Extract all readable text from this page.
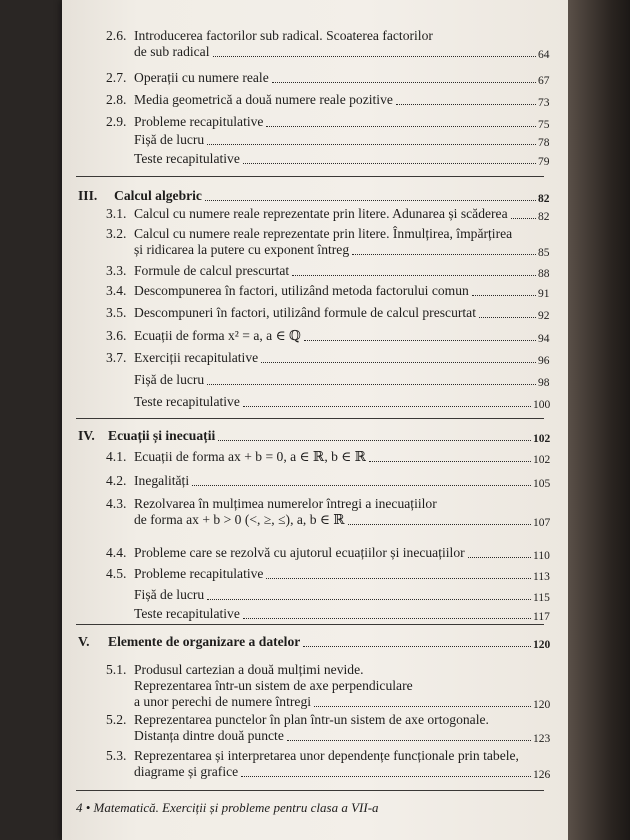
2.6. Introducerea factorilor sub radical. Scoaterea factorilor
de sub radical	64
2.7. Operații cu numere reale	67
2.8. Media geometrică a două numere reale pozitive	73
2.9. Probleme recapitulative	75
Fișă de lucru	78
Teste recapitulative	79
III. Calcul algebric	82
3.1. Calcul cu numere reale reprezentate prin litere. Adunarea și scăderea	82
3.2. Calcul cu numere reale reprezentate prin litere. Înmulțirea, împărțirea
și ridicarea la putere cu exponent întreg	85
3.3. Formule de calcul prescurtat	88
3.4. Descompunerea în factori, utilizând metoda factorului comun	91
3.5. Descompuneri în factori, utilizând formule de calcul prescurtat	92
3.6. Ecuații de forma x² = a, a ∈ ℚ	94
3.7. Exerciții recapitulative	96
Fișă de lucru	98
Teste recapitulative	100
IV. Ecuații și inecuații	102
4.1. Ecuații de forma ax + b = 0, a ∈ ℝ, b ∈ ℝ	102
4.2. Inegalități	105
4.3. Rezolvarea în mulțimea numerelor întregi a inecuațiilor
de forma ax + b > 0 (<, ≥, ≤), a, b ∈ ℝ	107
4.4. Probleme care se rezolvă cu ajutorul ecuațiilor și inecuațiilor	110
4.5. Probleme recapitulative	113
Fișă de lucru	115
Teste recapitulative	117
V. Elemente de organizare a datelor	120
5.1. Produsul cartezian a două mulțimi nevide.
Reprezentarea într-un sistem de axe perpendiculare
a unor perechi de numere întregi	120
5.2. Reprezentarea punctelor în plan într-un sistem de axe ortogonale.
Distanța dintre două puncte	123
5.3. Reprezentarea și interpretarea unor dependențe funcționale prin tabele,
diagrame și grafice	126
4 • Matematică. Exerciții și probleme pentru clasa a VII-a
